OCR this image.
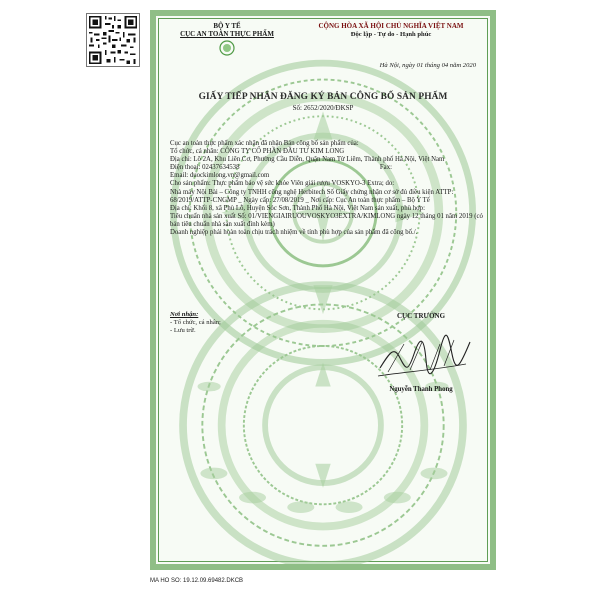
BỘ Y TẾ
CỤC AN TOÀN THỰC PHẨM
CỘNG HÒA XÃ HỘI CHỦ NGHĨA VIỆT NAM
Độc lập - Tự do - Hạnh phúc
Hà Nội, ngày 01 tháng 04 năm 2020
GIẤY TIẾP NHẬN ĐĂNG KÝ BẢN CÔNG BỐ SẢN PHẨM
Số: 2652/2020/ĐKSP

Cục an toàn thực phẩm xác nhận đã nhận Bản công bố sản phẩm của:

Tổ chức, cá nhân: CÔNG TY CỔ PHẦN ĐẦU TƯ KIM LONG

Địa chỉ: Lô 2A, Khu Liên Cơ, Phường Cầu Diễn, Quận Nam Từ Liêm, Thành phố Hà Nội, Việt Nam

Điện thoại: 02437634538	Fax:

Email: duockimlong.vn@gmail.com

Cho sản phẩm: Thực phẩm bảo vệ sức khỏe Viên giải rượu VOSKYO-3 Extra; do:

Nhà máy Nội Bài – Công ty TNHH công nghệ Herbitech Số Giấy chứng nhận cơ sở đủ điều kiện ATTP: 68/2019/ATTP-CNGMP _ Ngày cấp: 27/08/2019 _ Nơi cấp: Cục An toàn thực phẩm – Bộ Y Tế

Địa chỉ: Khối 8, xã Phù Lỗ, Huyện Sóc Sơn, Thành Phố Hà Nội, Việt Nam sản xuất, phù hợp:

Tiêu chuẩn nhà sản xuất Số: 01/VIENGIAIRUOUVOSKYO3EXTRA/KIMLONG ngày 12 tháng 01 năm 2019 (có bản tiêu chuẩn nhà sản xuất đính kèm)

Doanh nghiệp phải hoàn toàn chịu trách nhiệm về tính phù hợp của sản phẩm đã công bố./.

Nơi nhận:
- Tổ chức, cá nhân;
- Lưu trữ.
CỤC TRƯỞNG
Nguyễn Thanh Phong
MA HO SO: 19.12.09.69482.DKCB
